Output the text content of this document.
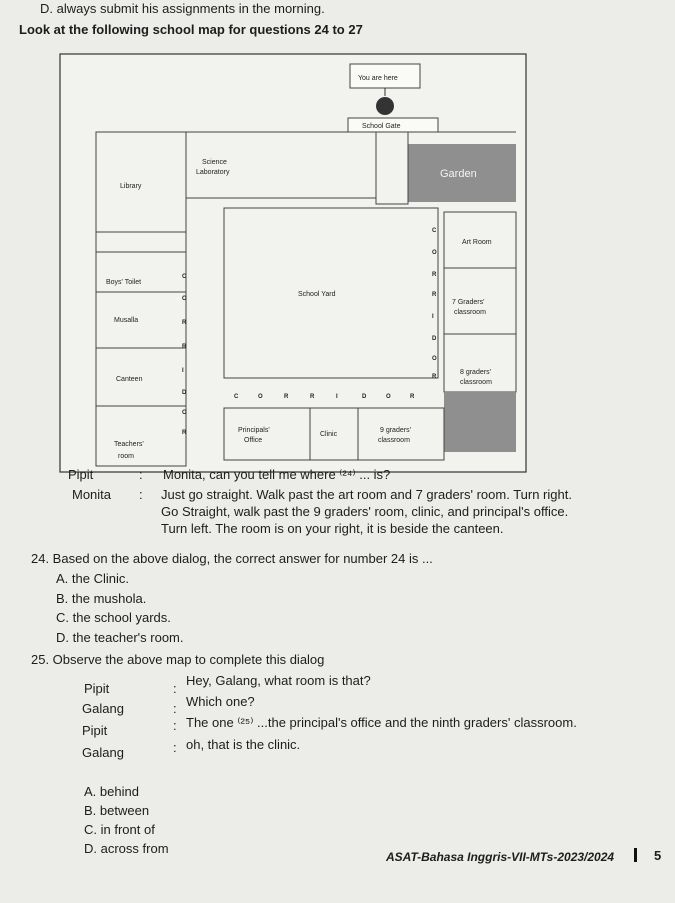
D. always submit his assignments in the morning.
Look at the following school map for questions 24 to 27
You are here
School Gate
Garden
Library
Science
Laboratory
Boys' Toilet
Musalla
Canteen
Teachers'
room
School Yard
C
O
R
R
I
D
O
R
C
O
R
R
I
D
O
R
C	O	R	R	I	D	O	R
Art Room
7 Graders'
classroom
8 graders'
classroom
Principals'
Office
Clinic
9 graders'
classroom
Pipit	: Monita, can you tell me where ⁽²⁴⁾ ... is?
Monita : Just go straight. Walk past the art room and 7 graders' room. Turn right.
Go Straight, walk past the 9 graders' room, clinic, and principal's office.
Turn left. The room is on your right, it is beside the canteen.
24. Based on the above dialog, the correct answer for number 24 is ...
A. the Clinic.
B. the mushola.
C. the school yards.
D. the teacher's room.
25. Observe the above map to complete this dialog
Pipit	:
Hey, Galang, what room is that?
Galang	: Which one?
Pipit	: The one ⁽²⁵⁾ ...the principal's office and the ninth graders' classroom.
Galang	: oh, that is the clinic.
A. behind
B. between
C. in front of
D. across from
ASAT-Bahasa Inggris-VII-MTs-2023/2024	5
